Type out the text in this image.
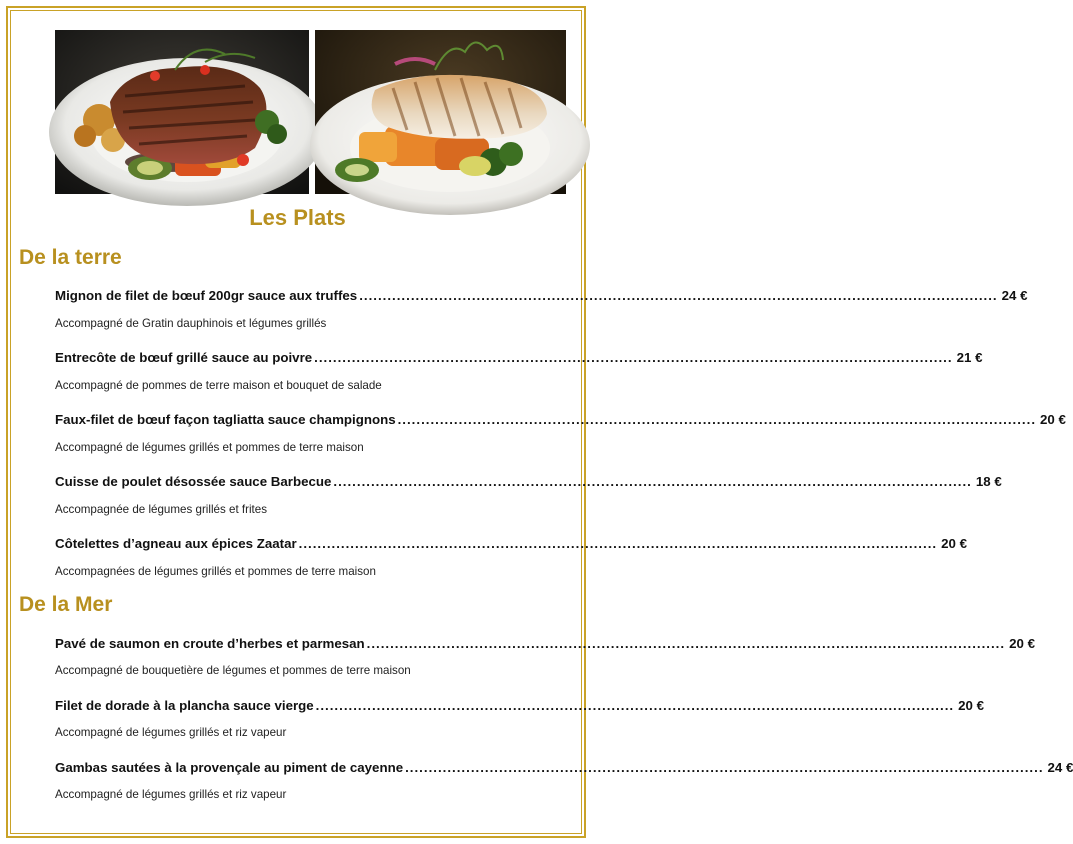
Les Plats
De la terre
Mignon de filet de bœuf 200gr sauce aux truffes .....	24 €
Accompagné de Gratin dauphinois et légumes grillés
Entrecôte de bœuf grillé sauce au poivre .....	21 €
Accompagné de pommes de terre maison et bouquet de salade
Faux-filet de bœuf façon tagliatta sauce champignons .....	20 €
Accompagné de légumes grillés et pommes de terre maison
Cuisse de poulet désossée sauce Barbecue .....	18 €
Accompagnée de légumes grillés et frites
Côtelettes d’agneau aux épices Zaatar .....	20 €
Accompagnées de légumes grillés et pommes de terre maison
De la Mer
Pavé de saumon en croute d’herbes et parmesan .....	20 €
Accompagné de bouquetière de légumes et pommes de terre maison
Filet de dorade à la plancha sauce vierge .....	20 €
Accompagné de légumes grillés et riz vapeur
Gambas sautées à la provençale au piment de cayenne .....	24 €
Accompagné de légumes grillés et riz vapeur
